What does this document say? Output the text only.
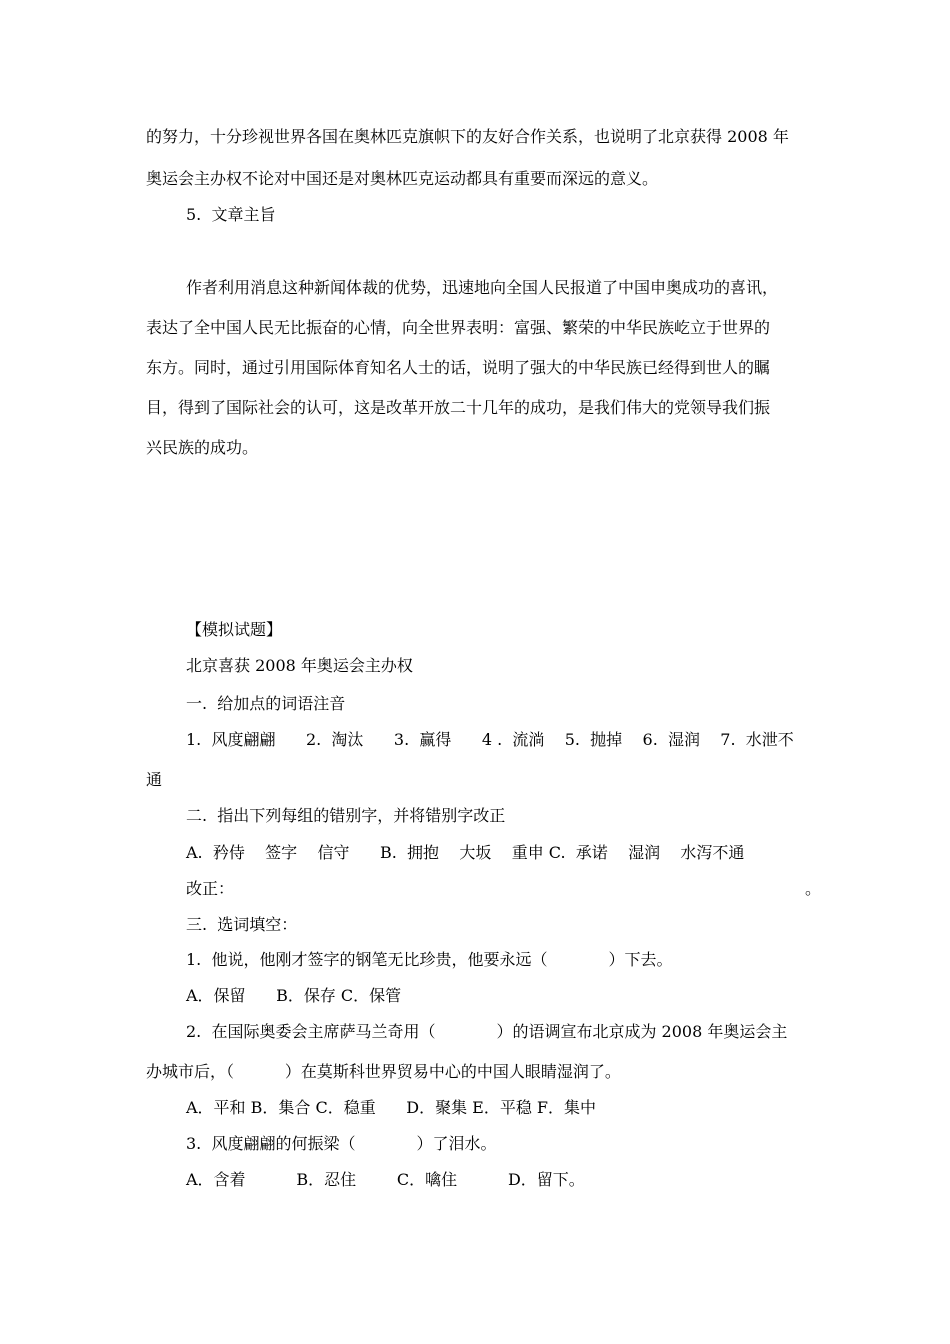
的努力，十分珍视世界各国在奥林匹克旗帜下的友好合作关系，也说明了北京获得 2008 年

奥运会主办权不论对中国还是对奥林匹克运动都具有重要而深远的意义。

5.  文章主旨

作者利用消息这种新闻体裁的优势，迅速地向全国人民报道了中国申奥成功的喜讯，

表达了全中国人民无比振奋的心情，向全世界表明：富强、繁荣的中华民族屹立于世界的

东方。同时，通过引用国际体育知名人士的话，说明了强大的中华民族已经得到世人的瞩

目，得到了国际社会的认可，这是改革开放二十几年的成功，是我们伟大的党领导我们振

兴民族的成功。

【模拟试题】

北京喜获 2008 年奥运会主办权

一.  给加点的词语注音

1.  风度翩翩      2.  淘汰      3.  赢得      4 .  流淌    5.  抛掉    6.  湿润    7.  水泄不

通

二.  指出下列每组的错别字，并将错别字改正

A.  矜侍    签字    信守      B.  拥抱    大坂    重申 C.  承诺    湿润    水泻不通

改正：	。

三.  选词填空：

1.  他说，他刚才签字的钢笔无比珍贵，他要永远（            ）下去。

A．保留      B．保存 C．保管

2.  在国际奥委会主席萨马兰奇用（            ）的语调宣布北京成为 2008 年奥运会主

办城市后，（          ）在莫斯科世界贸易中心的中国人眼睛湿润了。

A．平和 B．集合 C．稳重      D．聚集 E．平稳 F．集中

3.  风度翩翩的何振梁（            ）了泪水。

A．含着          B．忍住        C．噙住          D．留下。
